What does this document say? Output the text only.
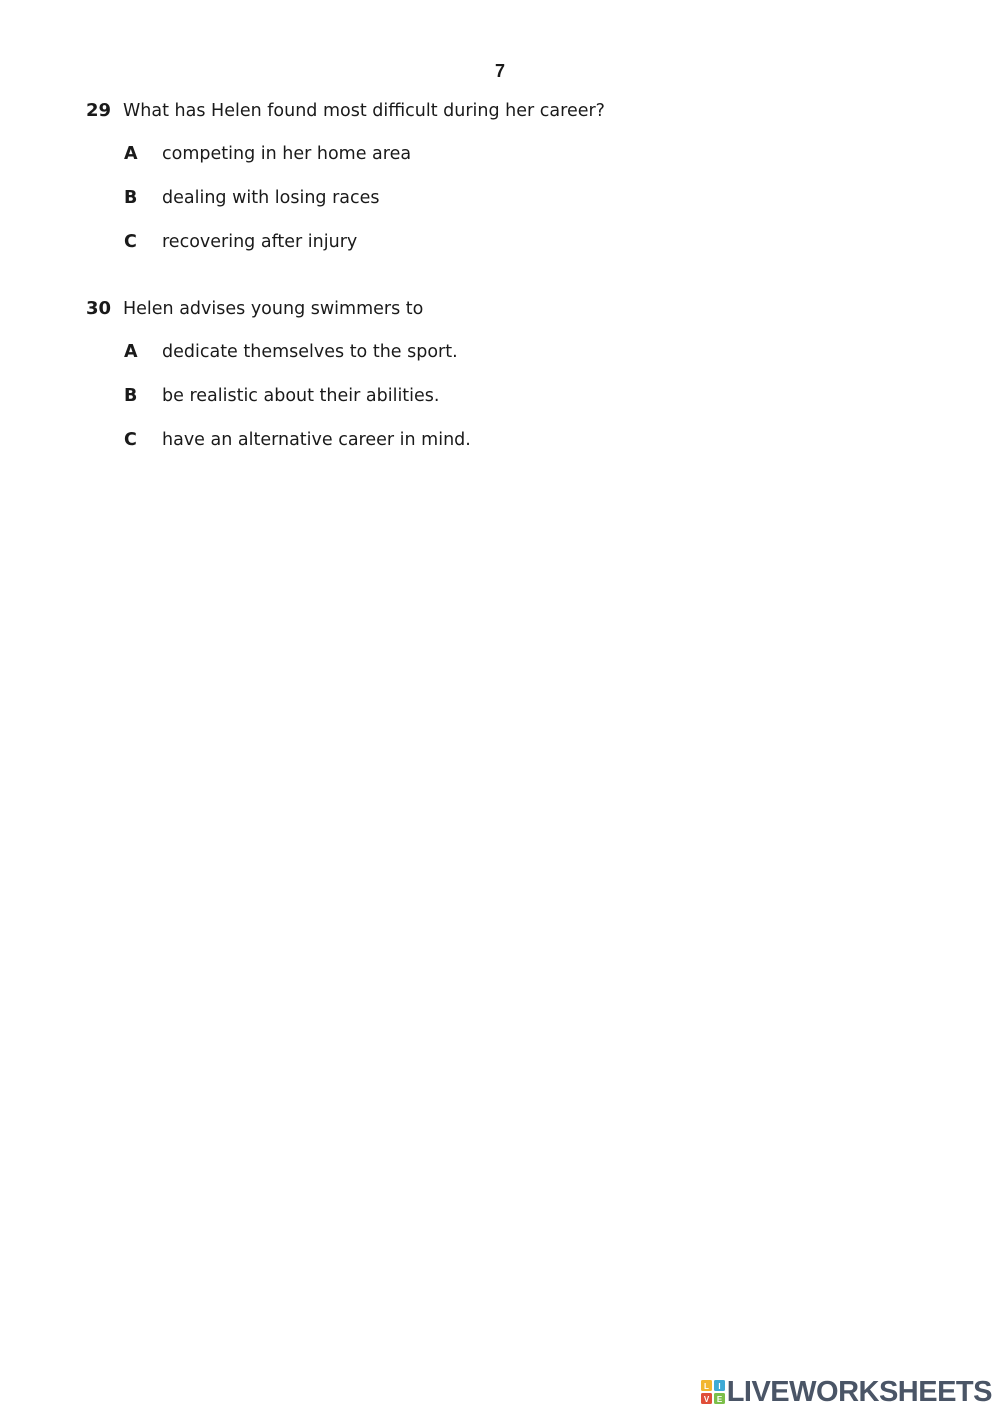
7
29 What has Helen found most difficult during her career?
A	competing in her home area
B	dealing with losing races
C	recovering after injury
30 Helen advises young swimmers to
A	dedicate themselves to the sport.
B	be realistic about their abilities.
C	have an alternative career in mind.
L I
V E LIVEWORKSHEETS
